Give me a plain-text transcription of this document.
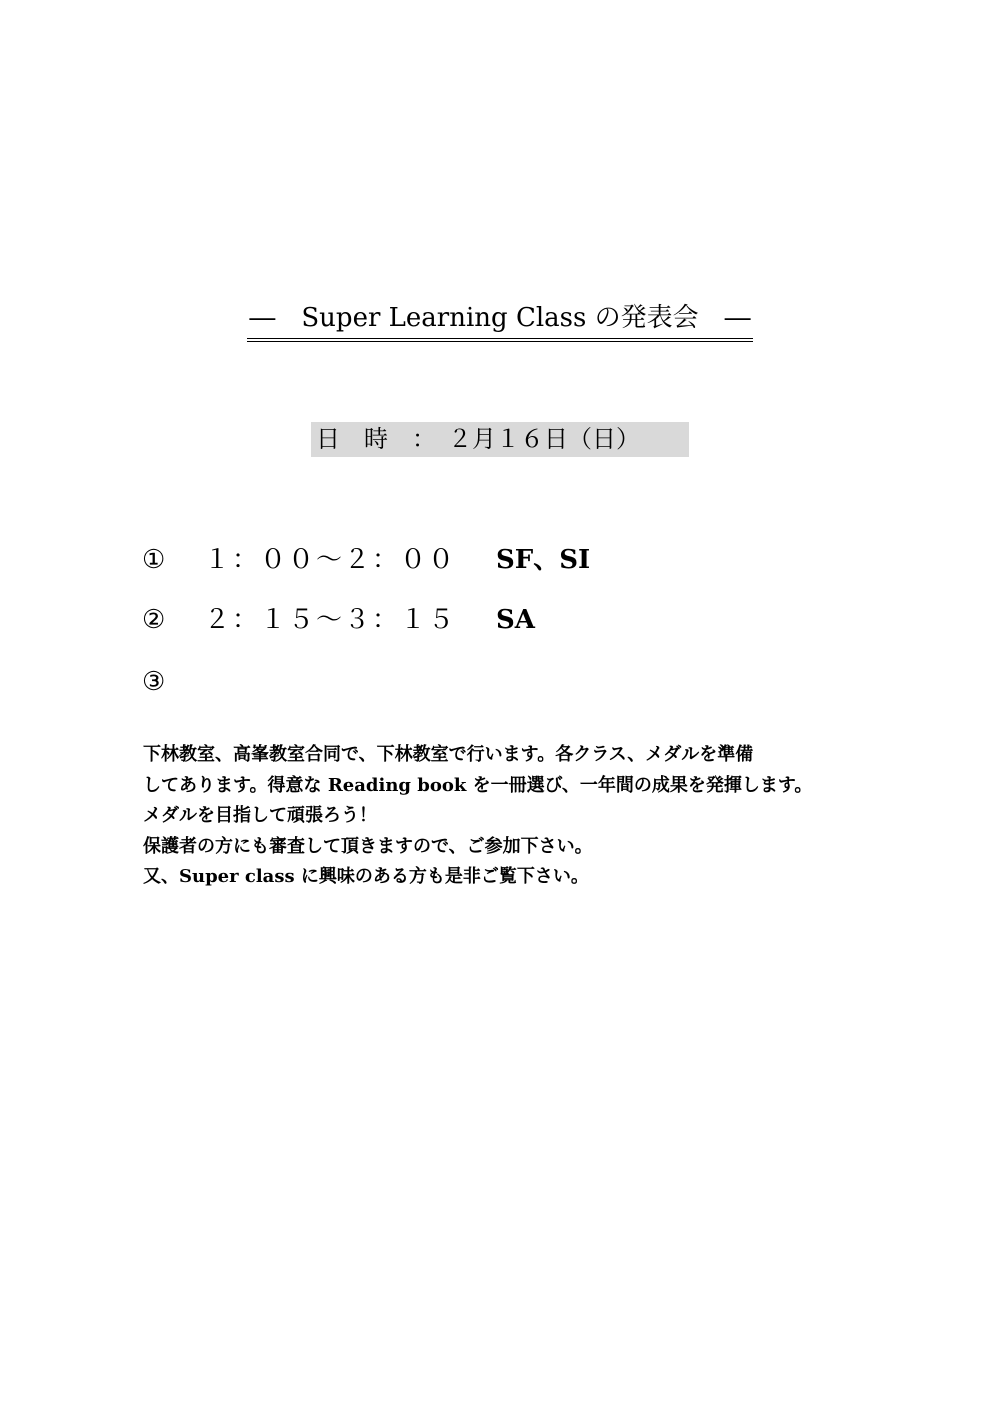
―　Super Learning Class の発表会　―
日　時　：　２月１６日（日）

①

１：００～２：００

SF、SI

②

２：１５～３：１５

SA

③

下林教室、高峯教室合同で、下林教室で行います。各クラス、メダルを準備

してあります。得意な Reading book を一冊選び、一年間の成果を発揮します。

メダルを目指して頑張ろう！

保護者の方にも審査して頂きますので、ご参加下さい。

又、Super class に興味のある方も是非ご覧下さい。
